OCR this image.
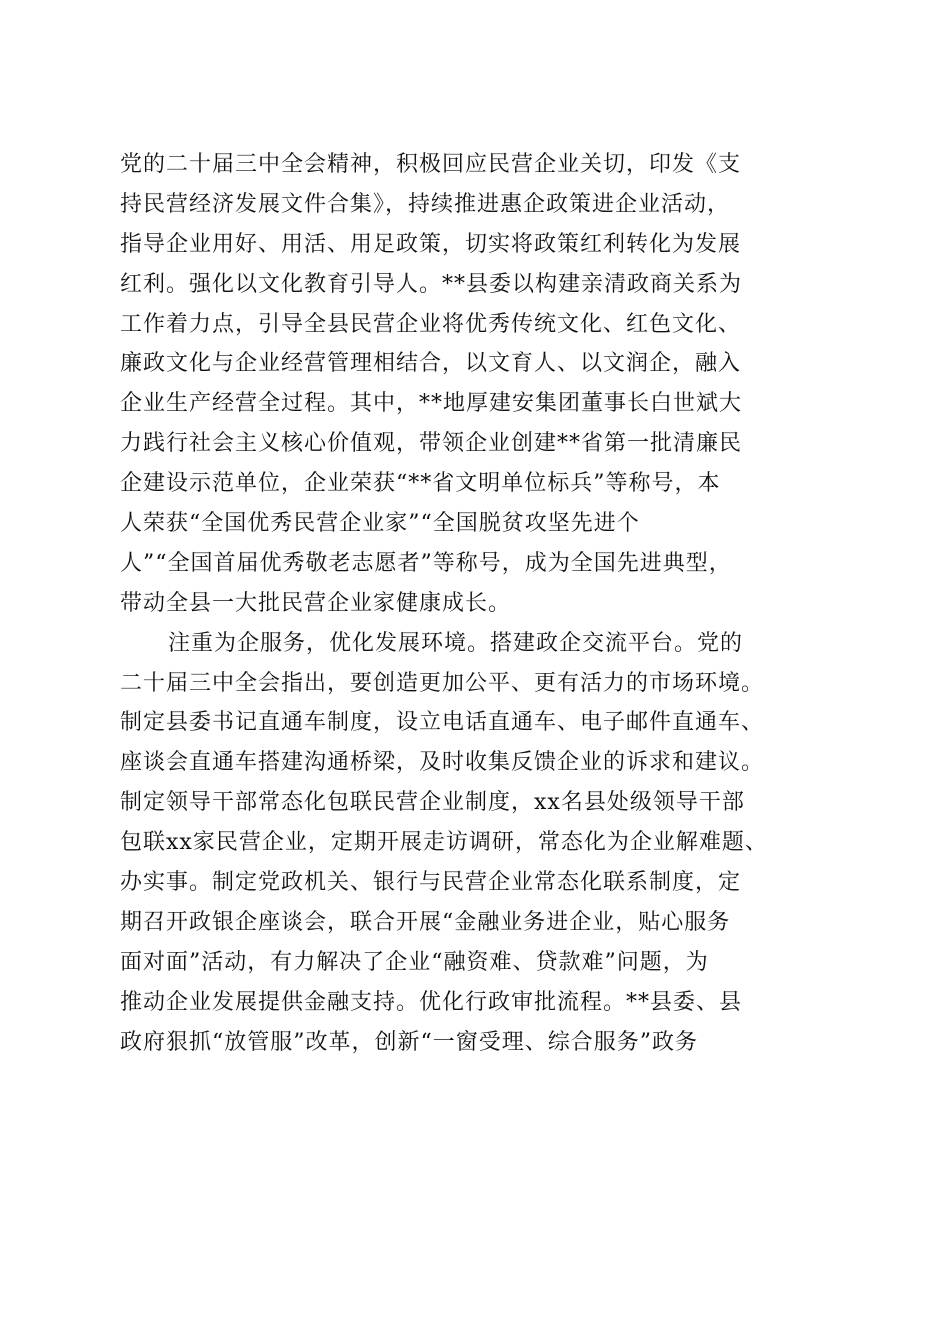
党的二十届三中全会精神，积极回应民营企业关切，印发《支
持民营经济发展文件合集》，持续推进惠企政策进企业活动，
指导企业用好、用活、用足政策，切实将政策红利转化为发展
红利。强化以文化教育引导人。**县委以构建亲清政商关系为
工作着力点，引导全县民营企业将优秀传统文化、红色文化、
廉政文化与企业经营管理相结合，以文育人、以文润企，融入
企业生产经营全过程。其中，**地厚建安集团董事长白世斌大
力践行社会主义核心价值观，带领企业创建**省第一批清廉民
企建设示范单位，企业荣获“**省文明单位标兵”等称号，本
人荣获“全国优秀民营企业家”“全国脱贫攻坚先进个
人”“全国首届优秀敬老志愿者”等称号，成为全国先进典型，
带动全县一大批民营企业家健康成长。
注重为企服务，优化发展环境。搭建政企交流平台。党的
二十届三中全会指出，要创造更加公平、更有活力的市场环境。
制定县委书记直通车制度，设立电话直通车、电子邮件直通车、
座谈会直通车搭建沟通桥梁，及时收集反馈企业的诉求和建议。
制定领导干部常态化包联民营企业制度，xx名县处级领导干部
包联xx家民营企业，定期开展走访调研，常态化为企业解难题、
办实事。制定党政机关、银行与民营企业常态化联系制度，定
期召开政银企座谈会，联合开展“金融业务进企业，贴心服务
面对面”活动，有力解决了企业“融资难、贷款难”问题，为
推动企业发展提供金融支持。优化行政审批流程。**县委、县
政府狠抓“放管服”改革，创新“一窗受理、综合服务”政务
